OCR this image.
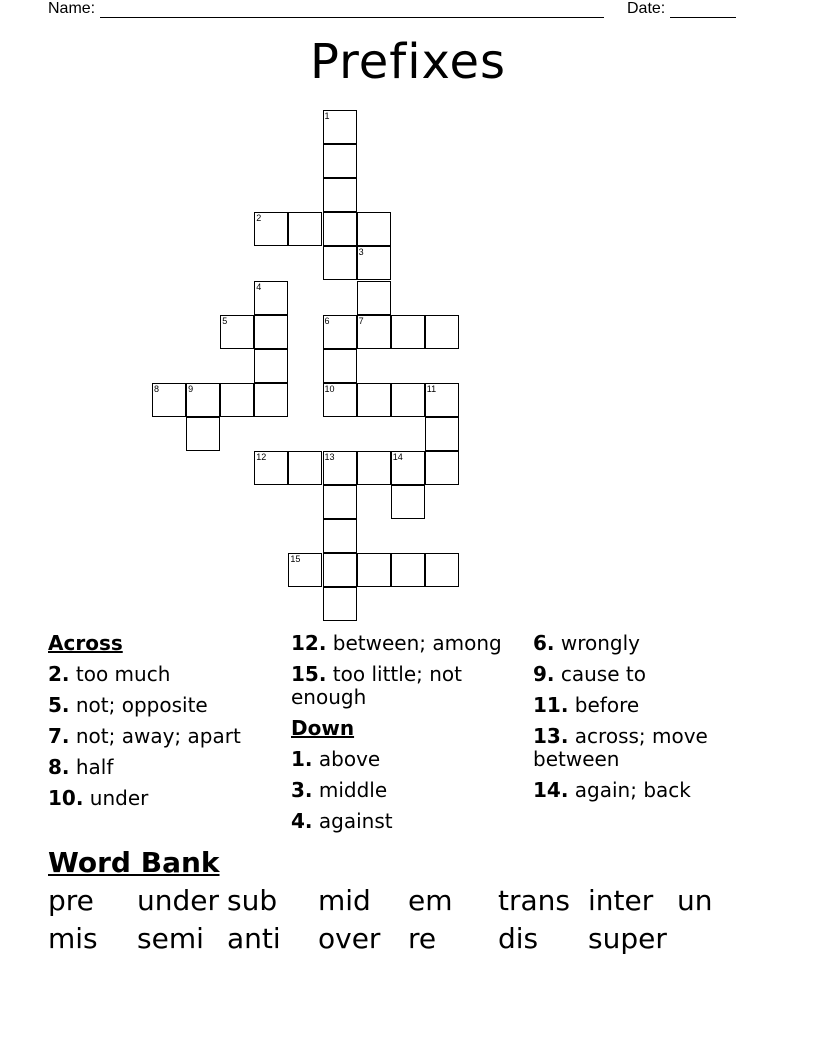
Name:	Date:
Prefixes
1
2
3
7
4
5	6
10
8	9	11
12	13	14
15
Across
2. too much
5. not; opposite
7. not; away; apart
8. half
10. under
12. between; among
15. too little; not enough
Down
1. above
3. middle
4. against
6. wrongly
9. cause to
11. before
13. across; move between
14. again; back
Word Bank
pre under sub mid em trans inter un
mis semi anti over re dis super
